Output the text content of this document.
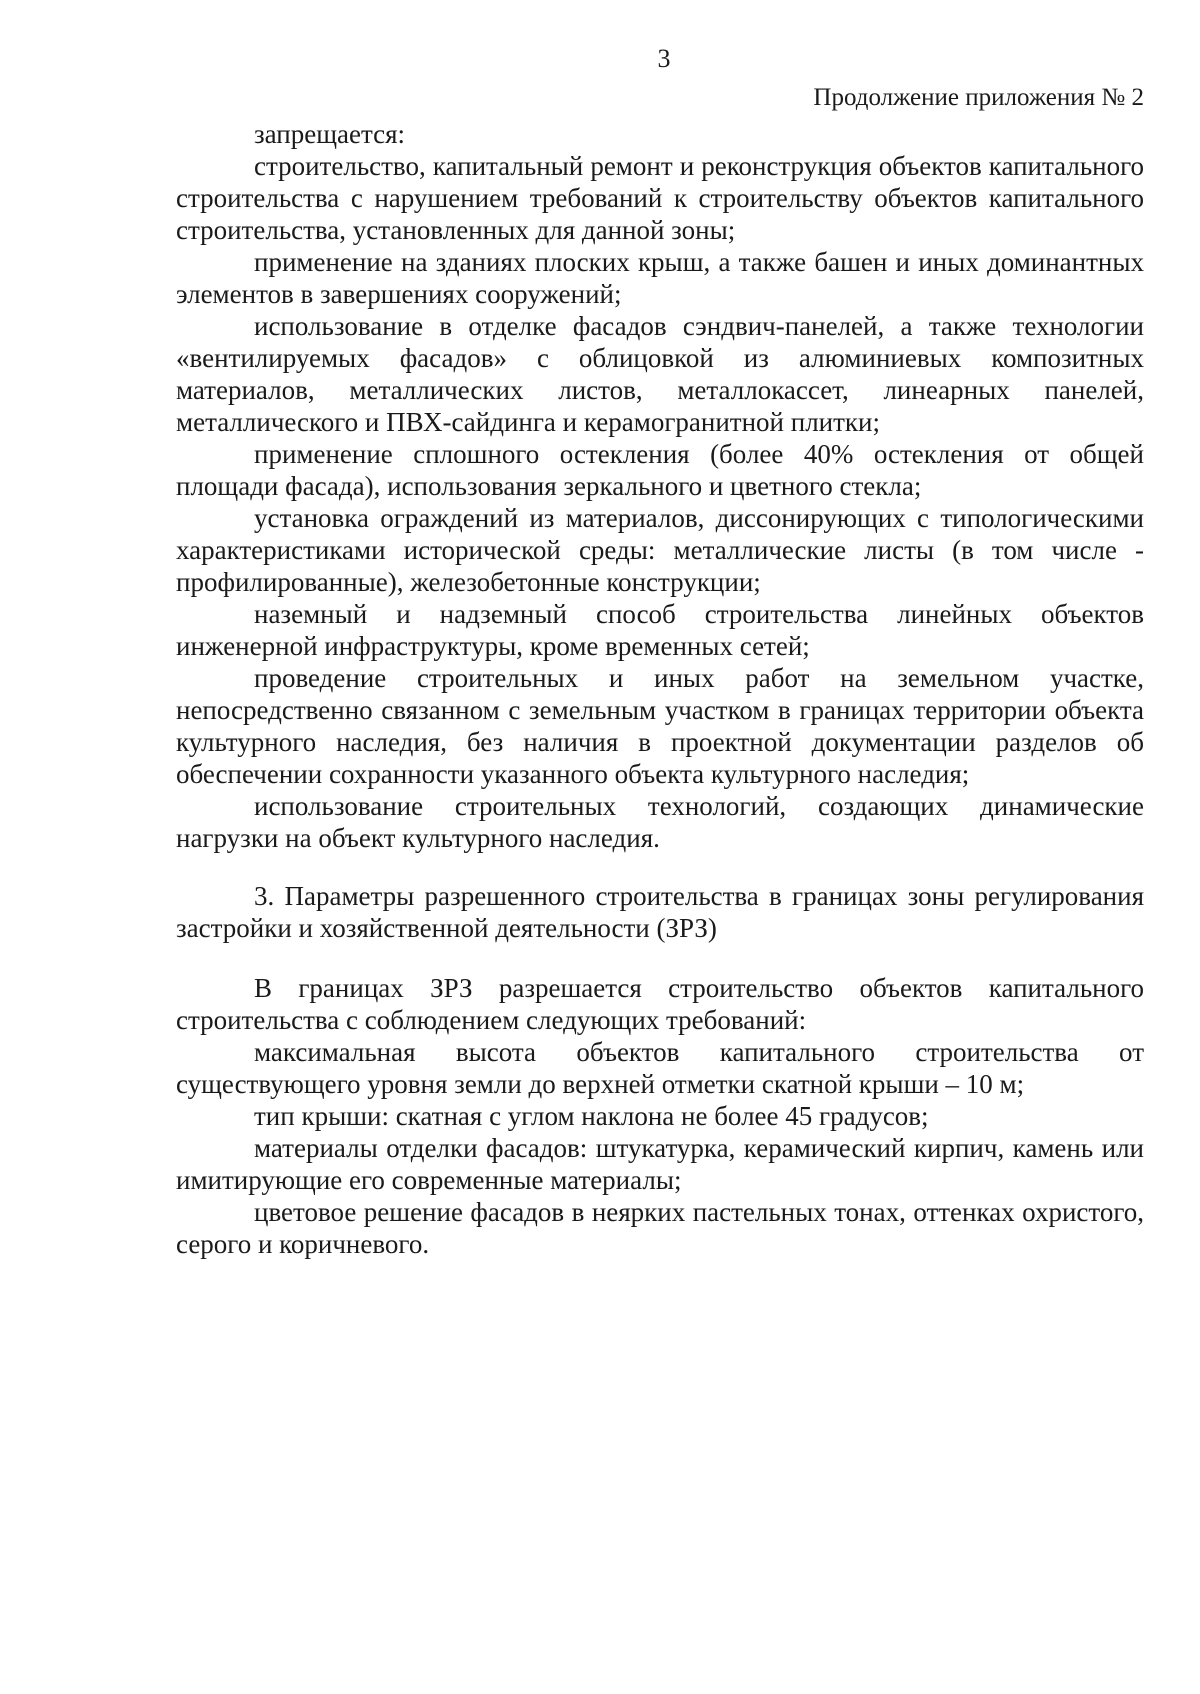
3
Продолжение приложения № 2

запрещается:

строительство, капитальный ремонт и реконструкция объектов капитального строительства с нарушением требований к строительству объектов капитального строительства, установленных для данной зоны;

применение на зданиях плоских крыш, а также башен и иных доминантных элементов в завершениях сооружений;

использование в отделке фасадов сэндвич-панелей, а также технологии «вентилируемых фасадов» с облицовкой из алюминиевых композитных материалов, металлических листов, металлокассет, линеарных панелей, металлического и ПВХ-сайдинга и керамогранитной плитки;

применение сплошного остекления (более 40% остекления от общей площади фасада), использования зеркального и цветного стекла;

установка ограждений из материалов, диссонирующих с типологическими характеристиками исторической среды: металлические листы (в том числе - профилированные), железобетонные конструкции;

наземный и надземный способ строительства линейных объектов инженерной инфраструктуры, кроме временных сетей;

проведение строительных и иных работ на земельном участке, непосредственно связанном с земельным участком в границах территории объекта культурного наследия, без наличия в проектной документации разделов об обеспечении сохранности указанного объекта культурного наследия;

использование строительных технологий, создающих динамические нагрузки на объект культурного наследия.

3. Параметры разрешенного строительства в границах зоны регулирования застройки и хозяйственной деятельности (ЗРЗ)

В границах ЗРЗ разрешается строительство объектов капитального строительства с соблюдением следующих требований:

максимальная высота объектов капитального строительства от существующего уровня земли до верхней отметки скатной крыши – 10 м;

тип крыши: скатная с углом наклона не более 45 градусов;

материалы отделки фасадов: штукатурка, керамический кирпич, камень или имитирующие его современные материалы;

цветовое решение фасадов в неярких пастельных тонах, оттенках охристого, серого и коричневого.
